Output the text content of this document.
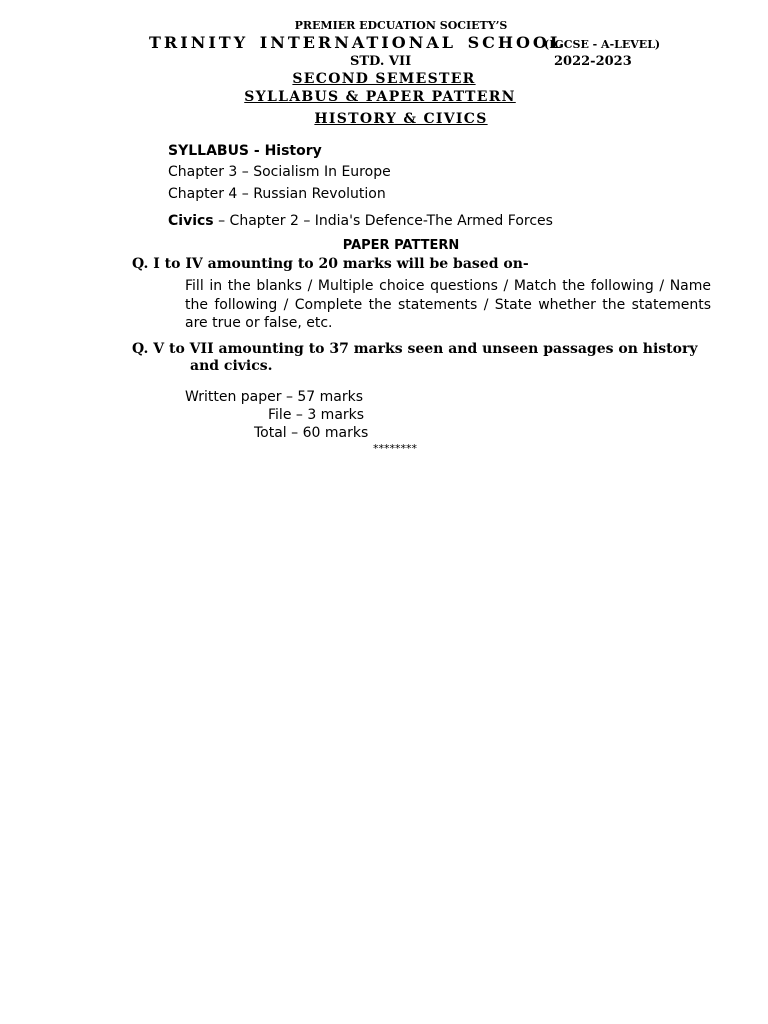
PREMIER EDCUATION SOCIETY’S
TRINITY INTERNATIONAL SCHOOL
(IGCSE - A-LEVEL)
STD. VII	2022-2023
SECOND SEMESTER
SYLLABUS & PAPER PATTERN
HISTORY & CIVICS
SYLLABUS - History
Chapter 3 – Socialism In Europe
Chapter 4 – Russian Revolution
Civics – Chapter 2 – India's Defence-The Armed Forces
PAPER PATTERN
Q. I to IV amounting to 20 marks will be based on-
Fill in the blanks / Multiple choice questions / Match the following / Name the following / Complete the statements / State whether the statements are true or false, etc.
Q. V to VII amounting to 37 marks seen and unseen passages on history
and civics.
Written paper – 57 marks
File – 3 marks
Total – 60 marks
********
